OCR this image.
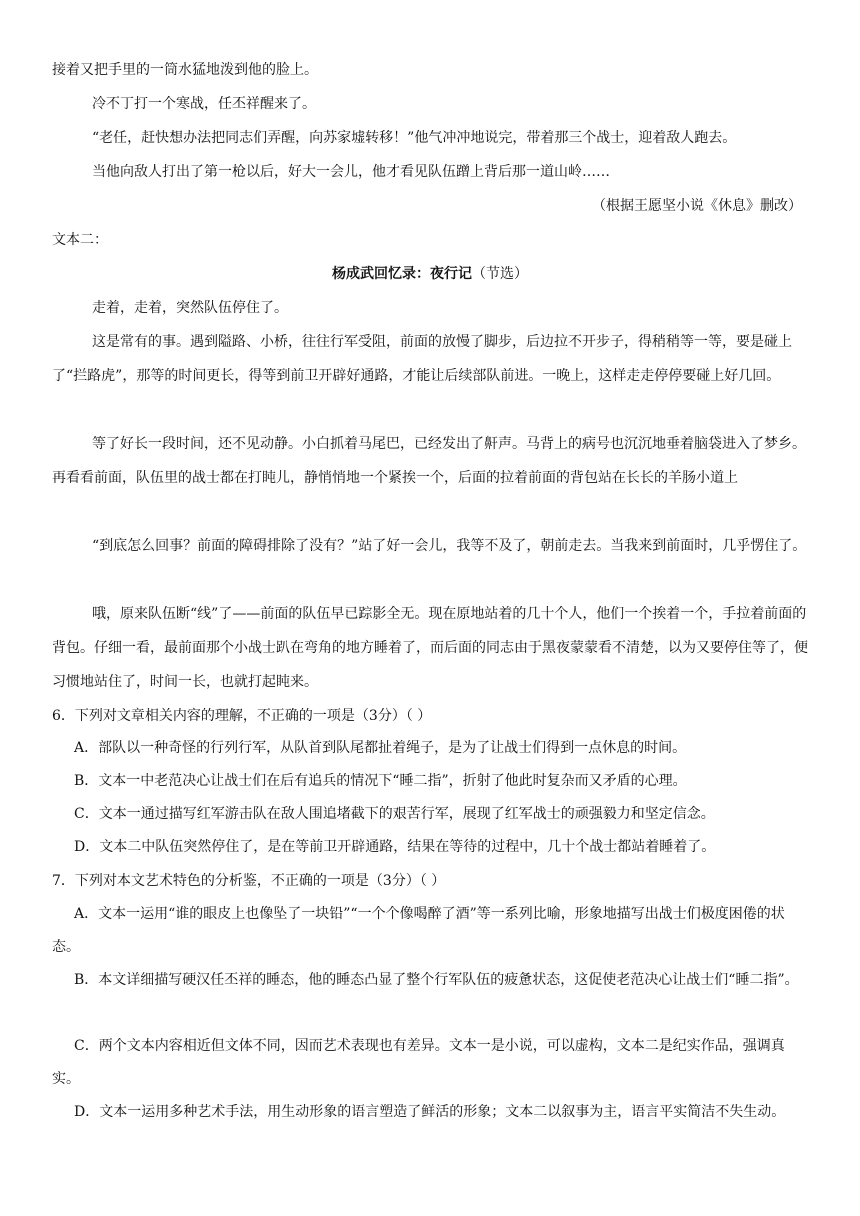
接着又把手里的一筒水猛地泼到他的脸上。

冷不丁打一个寒战，任丕祥醒来了。

“老任，赶快想办法把同志们弄醒，向苏家墟转移！”他气冲冲地说完，带着那三个战士，迎着敌人跑去。

当他向敌人打出了第一枪以后，好大一会儿，他才看见队伍蹭上背后那一道山岭……

（根据王愿坚小说《休息》删改）

文本二：

杨成武回忆录：夜行记（节选）

走着，走着，突然队伍停住了。

这是常有的事。遇到隘路、小桥，往往行军受阻，前面的放慢了脚步，后边拉不开步子，得稍稍等一等，要是碰上了“拦路虎”，那等的时间更长，得等到前卫开辟好通路，才能让后续部队前进。一晚上，这样走走停停要碰上好几回。

等了好长一段时间，还不见动静。小白抓着马尾巴，已经发出了鼾声。马背上的病号也沉沉地垂着脑袋进入了梦乡。再看看前面，队伍里的战士都在打盹儿，静悄悄地一个紧挨一个，后面的拉着前面的背包站在长长的羊肠小道上

“到底怎么回事？前面的障碍排除了没有？”站了好一会儿，我等不及了，朝前走去。当我来到前面时，几乎愣住了。

哦，原来队伍断“线”了——前面的队伍早已踪影全无。现在原地站着的几十个人，他们一个挨着一个，手拉着前面的背包。仔细一看，最前面那个小战士趴在弯角的地方睡着了，而后面的同志由于黑夜蒙蒙看不清楚，以为又要停住等了，便习惯地站住了，时间一长，也就打起盹来。

6．下列对文章相关内容的理解，不正确的一项是（3分）（ ）

A．部队以一种奇怪的行列行军，从队首到队尾都扯着绳子，是为了让战士们得到一点休息的时间。

B．文本一中老范决心让战士们在后有追兵的情况下“睡二指”，折射了他此时复杂而又矛盾的心理。

C．文本一通过描写红军游击队在敌人围追堵截下的艰苦行军，展现了红军战士的顽强毅力和坚定信念。

D．文本二中队伍突然停住了，是在等前卫开辟通路，结果在等待的过程中，几十个战士都站着睡着了。

7．下列对本文艺术特色的分析鉴，不正确的一项是（3分）（ ）

A．文本一运用“谁的眼皮上也像坠了一块铅”“一个个像喝醉了酒”等一系列比喻，形象地描写出战士们极度困倦的状态。

B．本文详细描写硬汉任丕祥的睡态，他的睡态凸显了整个行军队伍的疲惫状态，这促使老范决心让战士们“睡二指”。

C．两个文本内容相近但文体不同，因而艺术表现也有差异。文本一是小说，可以虚构，文本二是纪实作品，强调真实。

D．文本一运用多种艺术手法，用生动形象的语言塑造了鲜活的形象；文本二以叙事为主，语言平实简洁不失生动。
